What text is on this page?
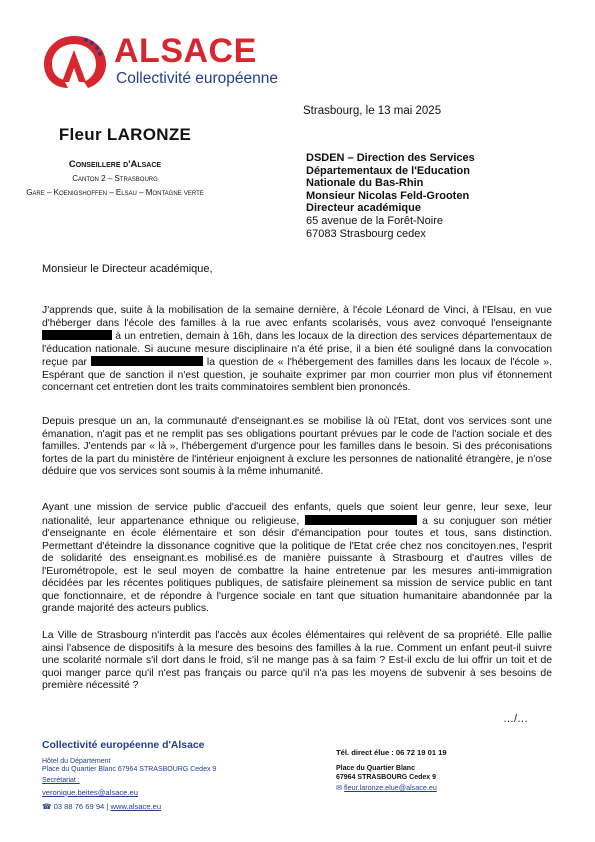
ALSACE
Collectivité européenne
Strasbourg, le 13 mai 2025
Fleur LARONZE
Conseillere d'Alsace
Canton 2 – Strasbourg
Gare – Koenigshoffen – Elsau – Montagne verte
DSDEN – Direction des Services
Départementaux de l'Education
Nationale du Bas-Rhin
Monsieur Nicolas Feld-Grooten
Directeur académique
65 avenue de la Forêt-Noire
67083 Strasbourg cedex
Monsieur le Directeur académique,
J'apprends que, suite à la mobilisation de la semaine dernière, à l'école Léonard de Vinci, à l'Elsau, en vue d'héberger dans l'école des familles à la rue avec enfants scolarisés, vous avez convoqué l'enseignante  à un entretien, demain à 16h, dans les locaux de la direction des services départementaux de l'éducation nationale. Si aucune mesure disciplinaire n'a été prise, il a bien été souligné dans la convocation reçue par	la question de « l'hébergement des familles dans les locaux de l'école ». Espérant que de sanction il n'est question, je souhaite exprimer par mon courrier mon plus vif étonnement concernant cet entretien dont les traits comminatoires semblent bien prononcés.
Depuis presque un an, la communauté d'enseignant.es se mobilise là où l'Etat, dont vos services sont une émanation, n'agit pas et ne remplit pas ses obligations pourtant prévues par le code de l'action sociale et des familles. J'entends par « là », l'hébergement d'urgence pour les familles dans le besoin. Si des préconisations fortes de la part du ministère de l'intérieur enjoignent à exclure les personnes de nationalité étrangère, je n'ose déduire que vos services sont soumis à la même inhumanité.
Ayant une mission de service public d'accueil des enfants, quels que soient leur genre, leur sexe, leur nationalité, leur appartenance ethnique ou religieuse,	a su conjuguer son métier d'enseignante en école élémentaire et son désir d'émancipation pour toutes et tous, sans distinction. Permettant d'éteindre la dissonance cognitive que la politique de l'Etat crée chez nos concitoyen.nes, l'esprit de solidarité des enseignant.es mobilisé.es de manière puissante à Strasbourg et d'autres villes de l'Eurométropole, est le seul moyen de combattre la haine entretenue par les mesures anti-immigration décidées par les récentes politiques publiques, de satisfaire pleinement sa mission de service public en tant que fonctionnaire, et de répondre à l'urgence sociale en tant que situation humanitaire abandonnée par la grande majorité des acteurs publics.
La Ville de Strasbourg n'interdit pas l'accès aux écoles élémentaires qui relèvent de sa propriété. Elle pallie ainsi l'absence de dispositifs à la mesure des besoins des familles à la rue. Comment un enfant peut-il suivre une scolarité normale s'il dort dans le froid, s'il ne mange pas à sa faim ? Est-il exclu de lui offrir un toit et de quoi manger parce qu'il n'est pas français ou parce qu'il n'a pas les moyens de subvenir à ses besoins de première nécessité ?
…/…
Collectivité européenne d'Alsace
Hôtel du Département
Place du Quartier Blanc 67964 STRASBOURG Cedex 9
Secrétariat :
veronique.beites@alsace.eu
☎ 03 88 76 69 94 | www.alsace.eu
Tél. direct élue : 06 72 19 01 19
Place du Quartier Blanc
67964 STRASBOURG Cedex 9
✉ fleur.laronze.elue@alsace.eu
